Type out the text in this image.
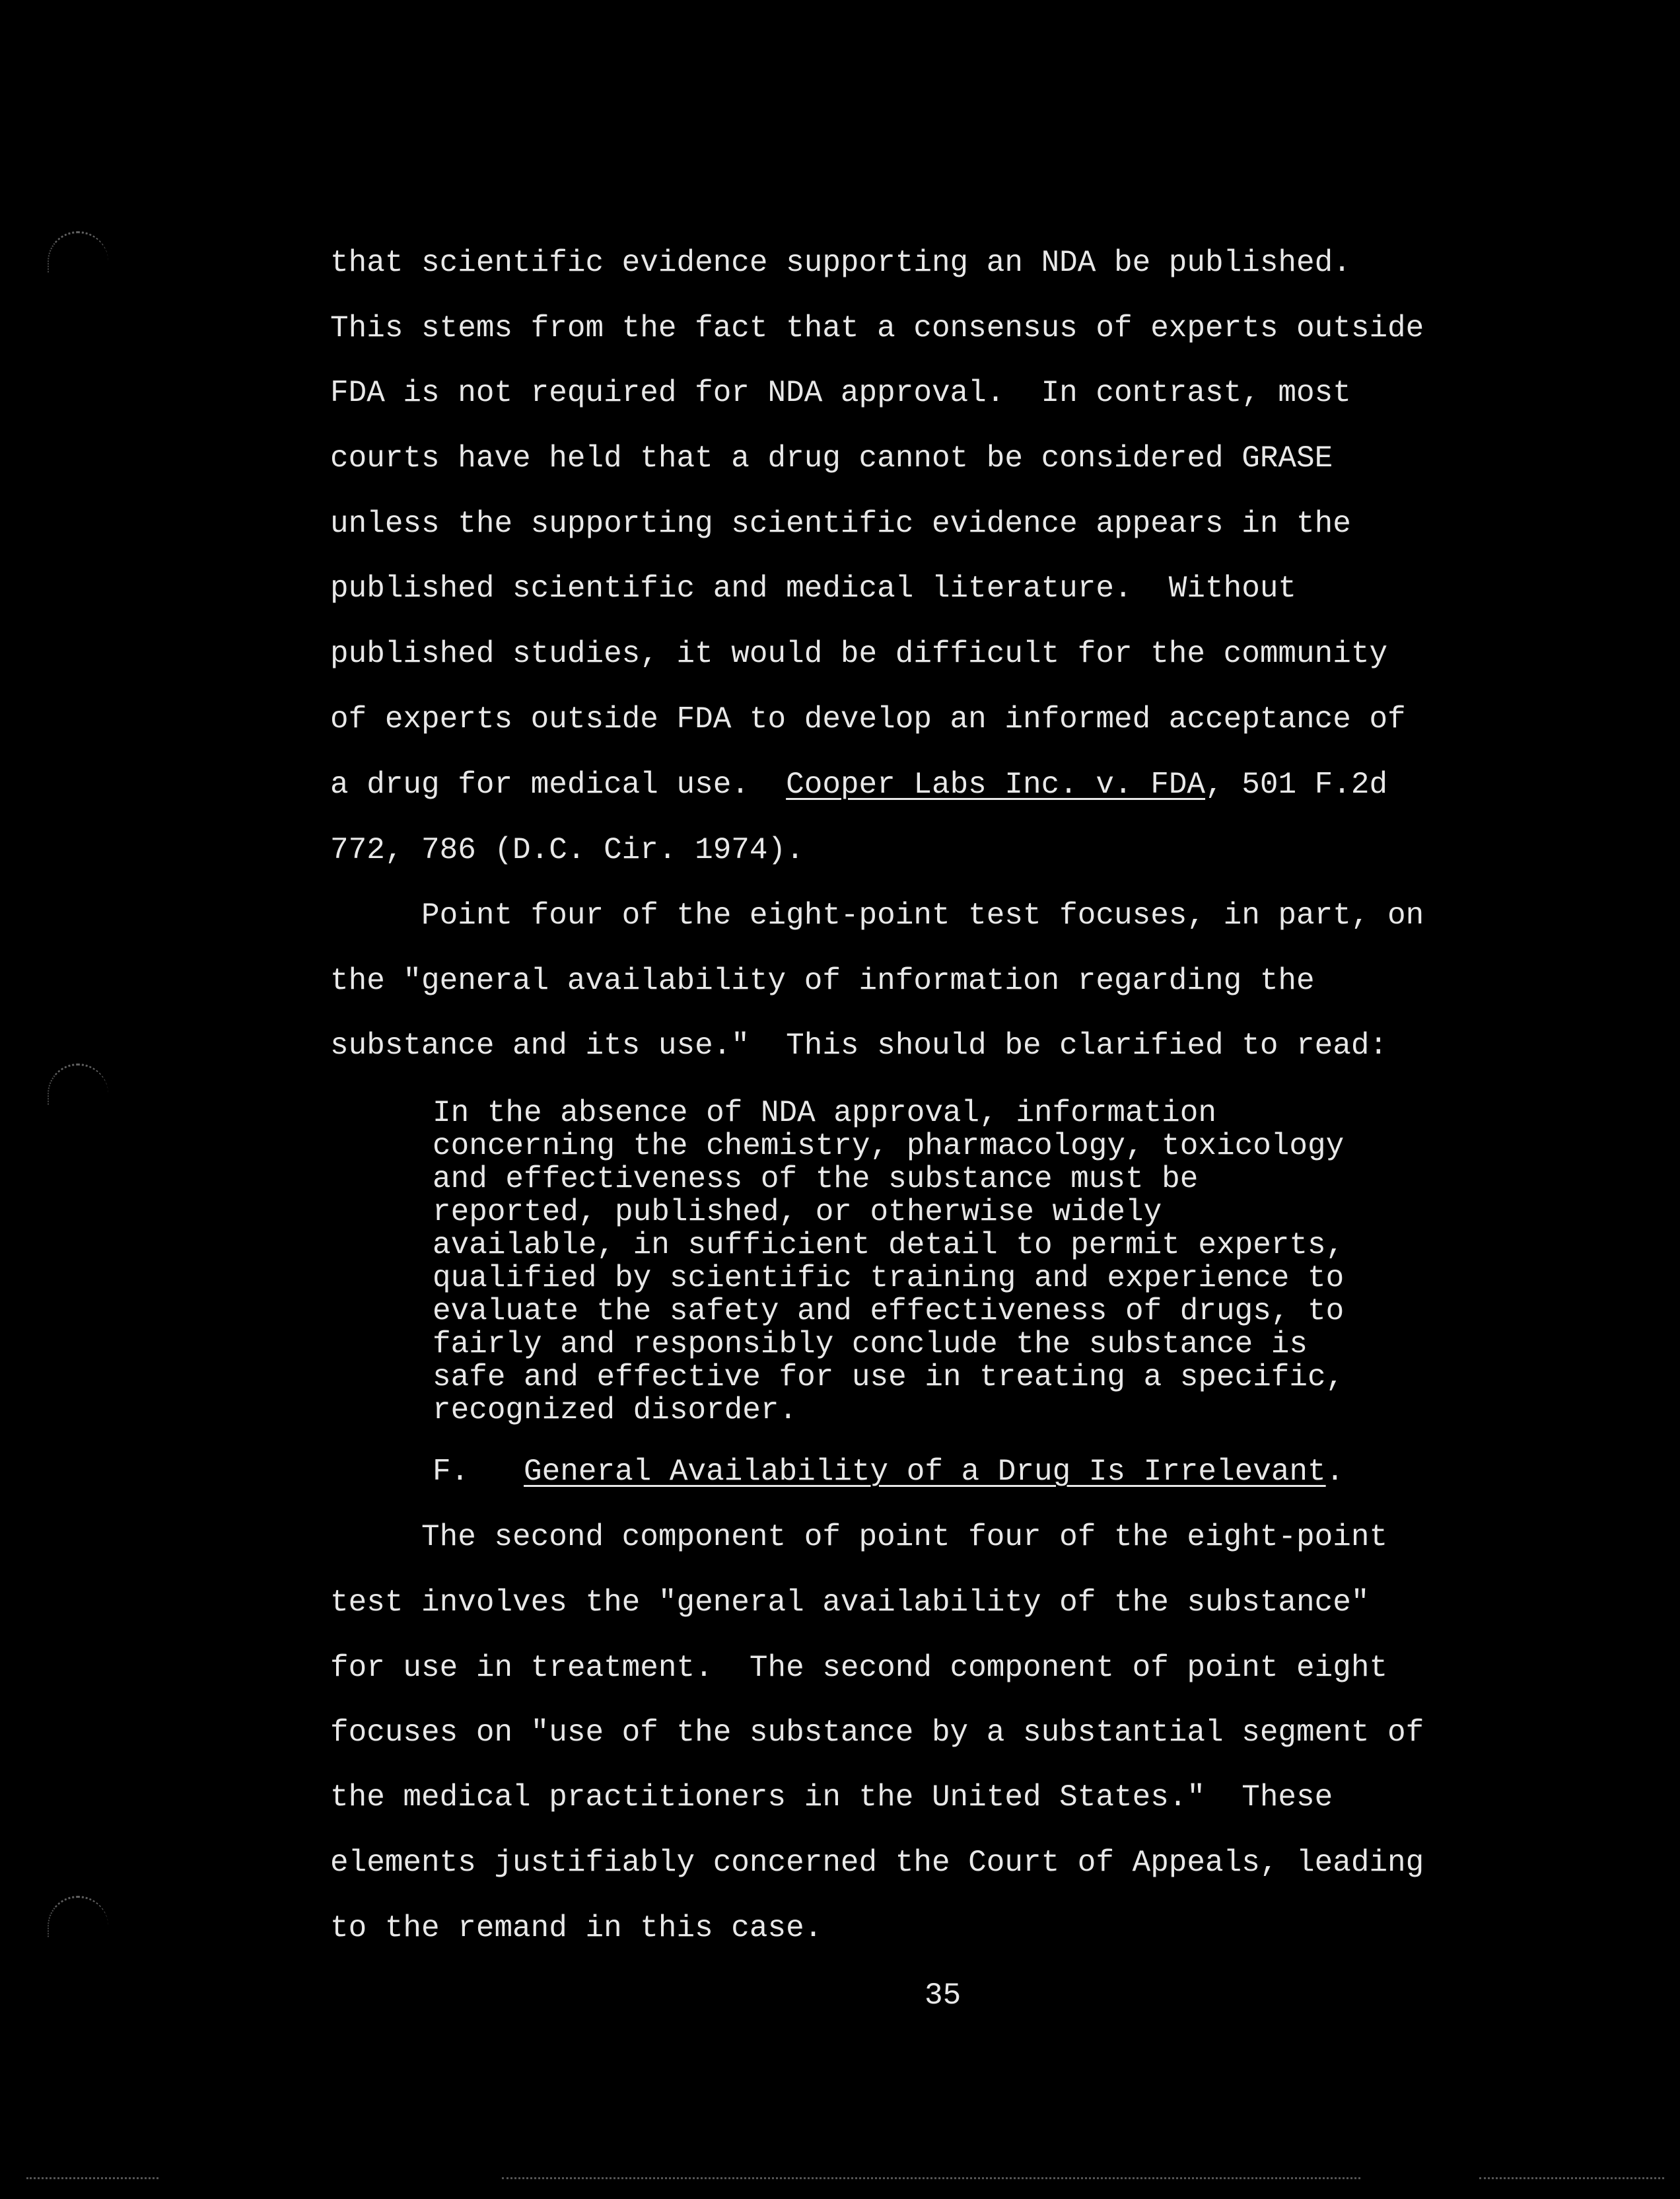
that scientific evidence supporting an NDA be published.

This stems from the fact that a consensus of experts outside

FDA is not required for NDA approval.  In contrast, most

courts have held that a drug cannot be considered GRASE

unless the supporting scientific evidence appears in the

published scientific and medical literature.  Without

published studies, it would be difficult for the community

of experts outside FDA to develop an informed acceptance of

a drug for medical use.  Cooper Labs Inc. v. FDA, 501 F.2d

772, 786 (D.C. Cir. 1974).

Point four of the eight-point test focuses, in part, on

the "general availability of information regarding the

substance and its use."  This should be clarified to read:

In the absence of NDA approval, information
concerning the chemistry, pharmacology, toxicology
and effectiveness of the substance must be
reported, published, or otherwise widely
available, in sufficient detail to permit experts,
qualified by scientific training and experience to
evaluate the safety and effectiveness of drugs, to
fairly and responsibly conclude the substance is
safe and effective for use in treating a specific,
recognized disorder.

F. General Availability of a Drug Is Irrelevant.

The second component of point four of the eight-point

test involves the "general availability of the substance"

for use in treatment.  The second component of point eight

focuses on "use of the substance by a substantial segment of

the medical practitioners in the United States."  These

elements justifiably concerned the Court of Appeals, leading

to the remand in this case.

35
